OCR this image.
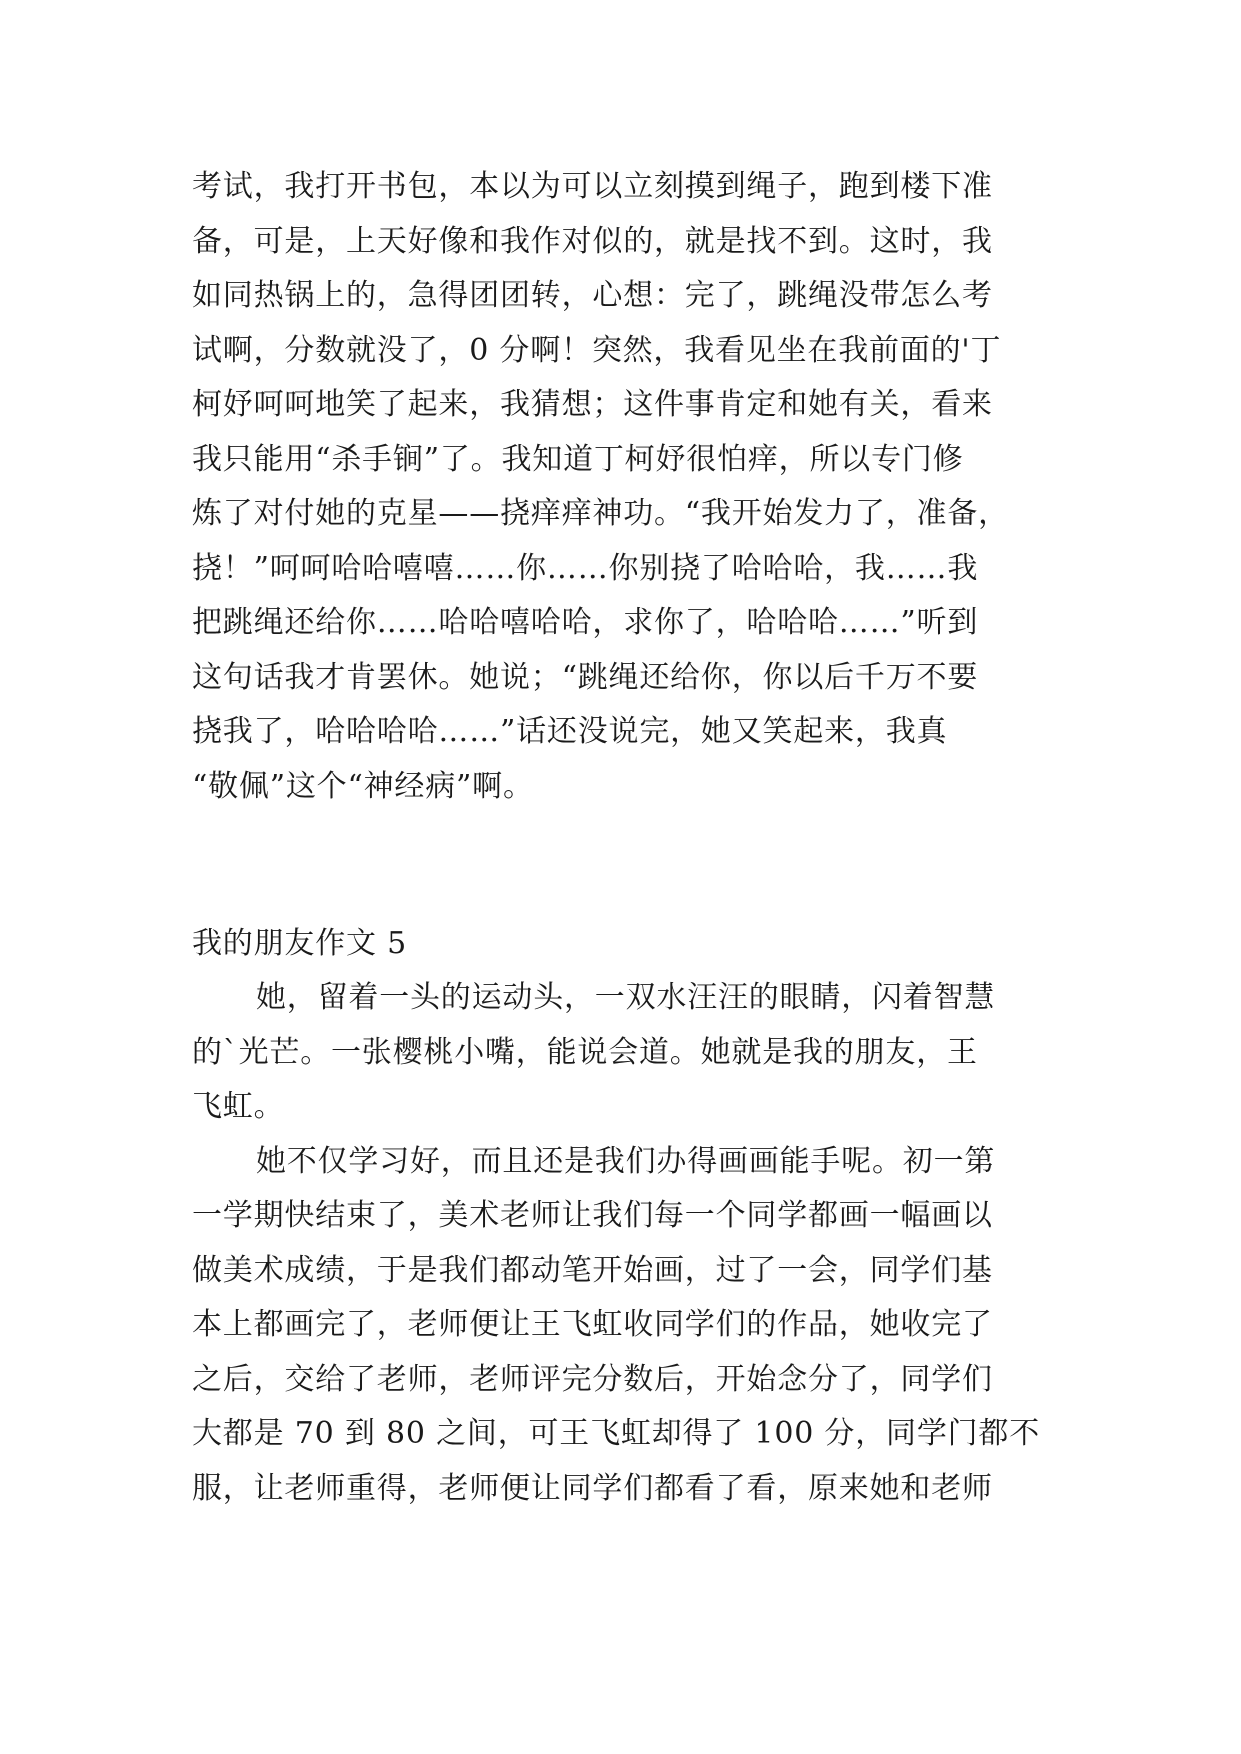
考试，我打开书包，本以为可以立刻摸到绳子，跑到楼下准
备，可是，上天好像和我作对似的，就是找不到。这时，我
如同热锅上的，急得团团转，心想：完了，跳绳没带怎么考
试啊，分数就没了，0 分啊！突然，我看见坐在我前面的'丁
柯妤呵呵地笑了起来，我猜想；这件事肯定和她有关，看来
我只能用“杀手锏”了。我知道丁柯妤很怕痒，所以专门修
炼了对付她的克星——挠痒痒神功。“我开始发力了，准备，
挠！”呵呵哈哈嘻嘻……你……你别挠了哈哈哈，我……我
把跳绳还给你……哈哈嘻哈哈，求你了，哈哈哈……”听到
这句话我才肯罢休。她说；“跳绳还给你，你以后千万不要
挠我了，哈哈哈哈……”话还没说完，她又笑起来，我真
“敬佩”这个“神经病”啊。
我的朋友作文 5
她，留着一头的运动头，一双水汪汪的眼睛，闪着智慧
的`光芒。一张樱桃小嘴，能说会道。她就是我的朋友，王
飞虹。
她不仅学习好，而且还是我们办得画画能手呢。初一第
一学期快结束了，美术老师让我们每一个同学都画一幅画以
做美术成绩，于是我们都动笔开始画，过了一会，同学们基
本上都画完了，老师便让王飞虹收同学们的作品，她收完了
之后，交给了老师，老师评完分数后，开始念分了，同学们
大都是 70 到 80 之间，可王飞虹却得了 100 分，同学门都不
服，让老师重得，老师便让同学们都看了看，原来她和老师
